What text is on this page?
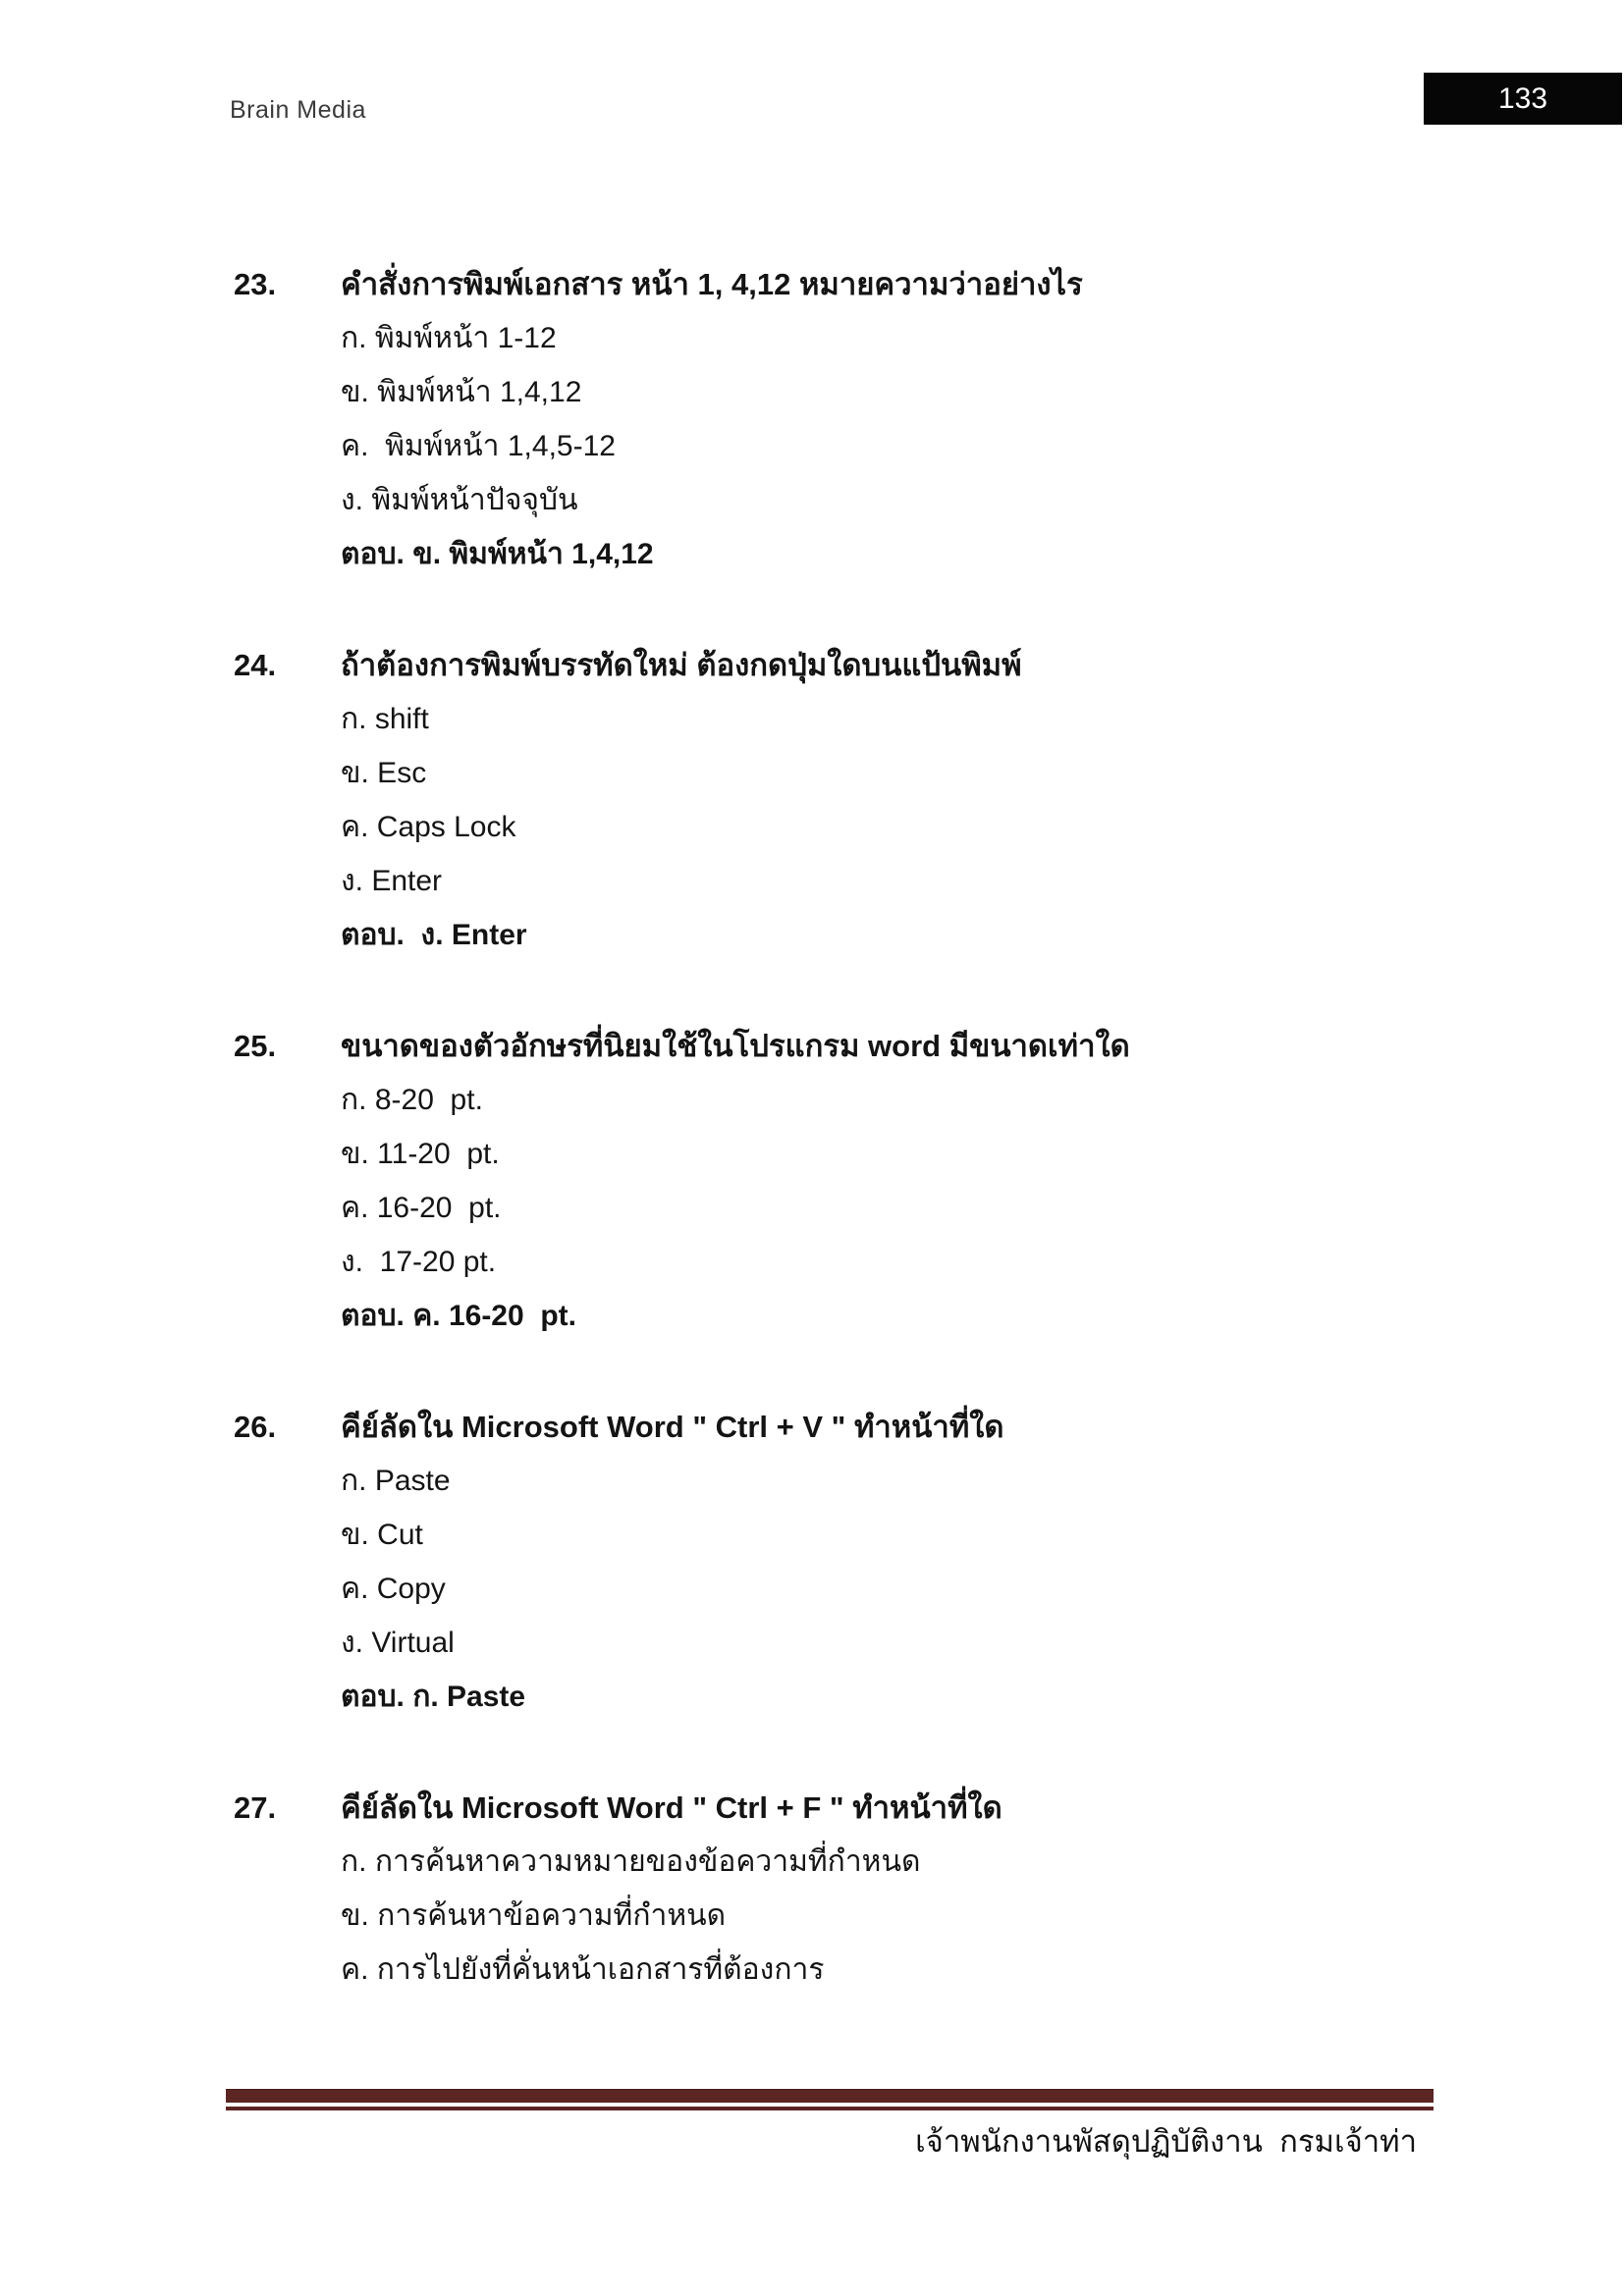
Brain Media	133
23.	คำสั่งการพิมพ์เอกสาร หน้า 1, 4,12 หมายความว่าอย่างไร
ก. พิมพ์หน้า 1-12
ข. พิมพ์หน้า 1,4,12
ค.  พิมพ์หน้า 1,4,5-12
ง. พิมพ์หน้าปัจจุบัน
ตอบ. ข. พิมพ์หน้า 1,4,12
24.	ถ้าต้องการพิมพ์บรรทัดใหม่ ต้องกดปุ่มใดบนแป้นพิมพ์
ก. shift
ข. Esc
ค. Caps Lock
ง. Enter
ตอบ.  ง. Enter
25.	ขนาดของตัวอักษรที่นิยมใช้ในโปรแกรม word มีขนาดเท่าใด
ก. 8-20  pt.
ข. 11-20  pt.
ค. 16-20  pt.
ง.  17-20 pt.
ตอบ. ค. 16-20  pt.
26.	คีย์ลัดใน Microsoft Word " Ctrl + V " ทำหน้าที่ใด
ก. Paste
ข. Cut
ค. Copy
ง. Virtual
ตอบ. ก. Paste
27.	คีย์ลัดใน Microsoft Word " Ctrl + F " ทำหน้าที่ใด
ก. การค้นหาความหมายของข้อความที่กำหนด
ข. การค้นหาข้อความที่กำหนด
ค. การไปยังที่คั่นหน้าเอกสารที่ต้องการ
เจ้าพนักงานพัสดุปฏิบัติงาน  กรมเจ้าท่า
